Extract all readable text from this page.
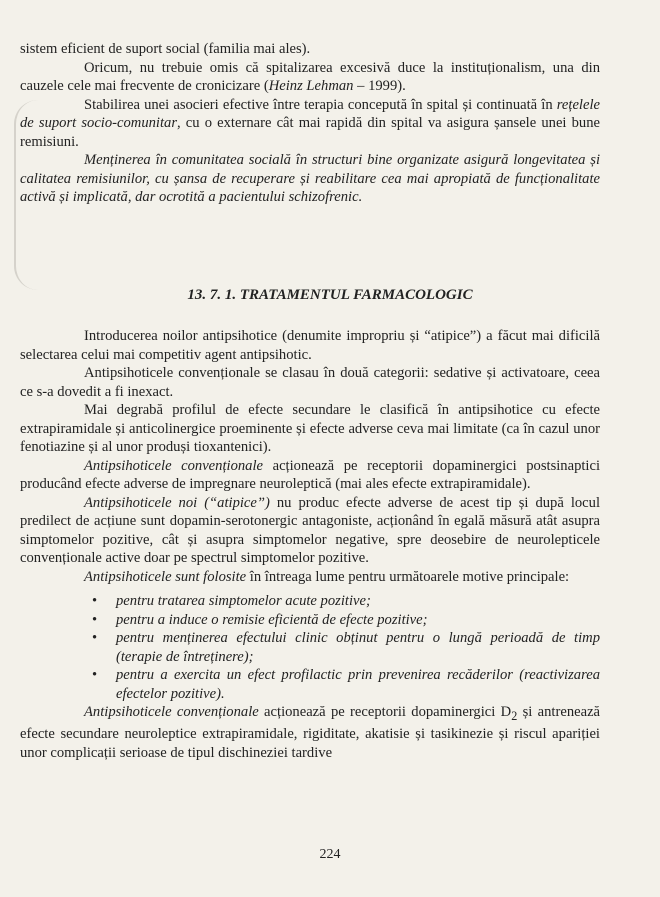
sistem eficient de suport social (familia mai ales).

Oricum, nu trebuie omis că spitalizarea excesivă duce la instituționalism, una din cauzele cele mai frecvente de cronicizare (Heinz Lehman – 1999).

Stabilirea unei asocieri efective între terapia concepută în spital și continuată în rețelele de suport socio-comunitar, cu o externare cât mai rapidă din spital va asigura șansele unei bune remisiuni.

Menținerea în comunitatea socială în structuri bine organizate asigură longevitatea și calitatea remisiunilor, cu șansa de recuperare și reabilitare cea mai apropiată de funcționalitate activă și implicată, dar ocrotită a pacientului schizofrenic.

13. 7. 1. TRATAMENTUL FARMACOLOGIC

Introducerea noilor antipsihotice (denumite impropriu și “atipice”) a făcut mai dificilă selectarea celui mai competitiv agent antipsihotic.

Antipsihoticele convenționale se clasau în două categorii: sedative și activatoare, ceea ce s-a dovedit a fi inexact.

Mai degrabă profilul de efecte secundare le clasifică în antipsihotice cu efecte extrapiramidale și anticolinergice proeminente și efecte adverse ceva mai limitate (ca în cazul unor fenotiazine și al unor produși tioxantenici).

Antipsihoticele convenționale acționează pe receptorii dopaminergici postsinaptici producând efecte adverse de impregnare neuroleptică (mai ales efecte extrapiramidale).

Antipsihoticele noi (“atipice”) nu produc efecte adverse de acest tip și după locul predilect de acțiune sunt dopamin-serotonergic antagoniste, acționând în egală măsură atât asupra simptomelor pozitive, cât și asupra simptomelor negative, spre deosebire de neurolepticele convenționale active doar pe spectrul simptomelor pozitive.

Antipsihoticele sunt folosite în întreaga lume pentru următoarele motive principale:

• pentru tratarea simptomelor acute pozitive;
• pentru a induce o remisie eficientă de efecte pozitive;
• pentru menținerea efectului clinic obținut pentru o lungă perioadă de timp (terapie de întreținere);
• pentru a exercita un efect profilactic prin prevenirea recăderilor (reactivizarea efectelor pozitive).

Antipsihoticele convenționale acționează pe receptorii dopaminergici $D_2$ și antrenează efecte secundare neuroleptice extrapiramidale, rigiditate, akatisie și tasikinezie și riscul apariției unor complicații serioase de tipul dischineziei tardive

224
